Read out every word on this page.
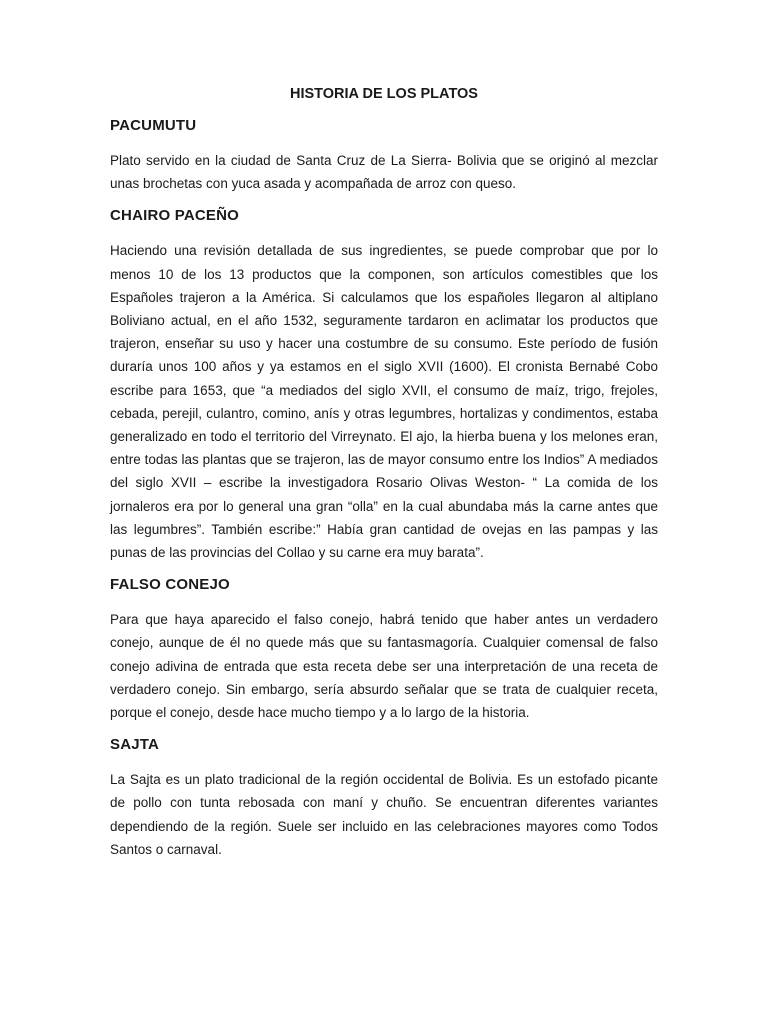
HISTORIA DE LOS PLATOS
PACUMUTU

Plato servido en la ciudad de Santa Cruz de La Sierra- Bolivia que se originó al mezclar unas brochetas con yuca asada y acompañada de arroz con queso.

CHAIRO PACEÑO

Haciendo una revisión detallada de sus ingredientes, se puede comprobar que por lo menos 10 de los 13 productos que la componen, son artículos comestibles que los Españoles trajeron a la América. Si calculamos que los españoles llegaron al altiplano Boliviano actual, en el año 1532, seguramente tardaron en aclimatar los productos que trajeron, enseñar su uso y hacer una costumbre de su consumo. Este período de fusión duraría unos 100 años y ya estamos en el siglo XVII (1600). El cronista Bernabé Cobo escribe para 1653, que “a mediados del siglo XVII, el consumo de maíz, trigo, frejoles, cebada, perejil, culantro, comino, anís y otras legumbres, hortalizas y condimentos, estaba generalizado en todo el territorio del Virreynato. El ajo, la hierba buena y los melones eran, entre todas las plantas que se trajeron, las de mayor consumo entre los Indios” A mediados del siglo XVII – escribe la investigadora Rosario Olivas Weston- “ La comida de los jornaleros era por lo general una gran “olla” en la cual abundaba más la carne antes que las legumbres”. También escribe:” Había gran cantidad de ovejas en las pampas y las punas de las provincias del Collao y su carne era muy barata”.

FALSO CONEJO

Para que haya aparecido el falso conejo, habrá tenido que haber antes un verdadero conejo, aunque de él no quede más que su fantasmagoría. Cualquier comensal de falso conejo adivina de entrada que esta receta debe ser una interpretación de una receta de verdadero conejo. Sin embargo, sería absurdo señalar que se trata de cualquier receta, porque el conejo, desde hace mucho tiempo y a lo largo de la historia.

SAJTA

La Sajta es un plato tradicional de la región occidental de Bolivia. Es un estofado picante de pollo con tunta rebosada con maní y chuño. Se encuentran diferentes variantes dependiendo de la región. Suele ser incluido en las celebraciones mayores como Todos Santos o carnaval.
